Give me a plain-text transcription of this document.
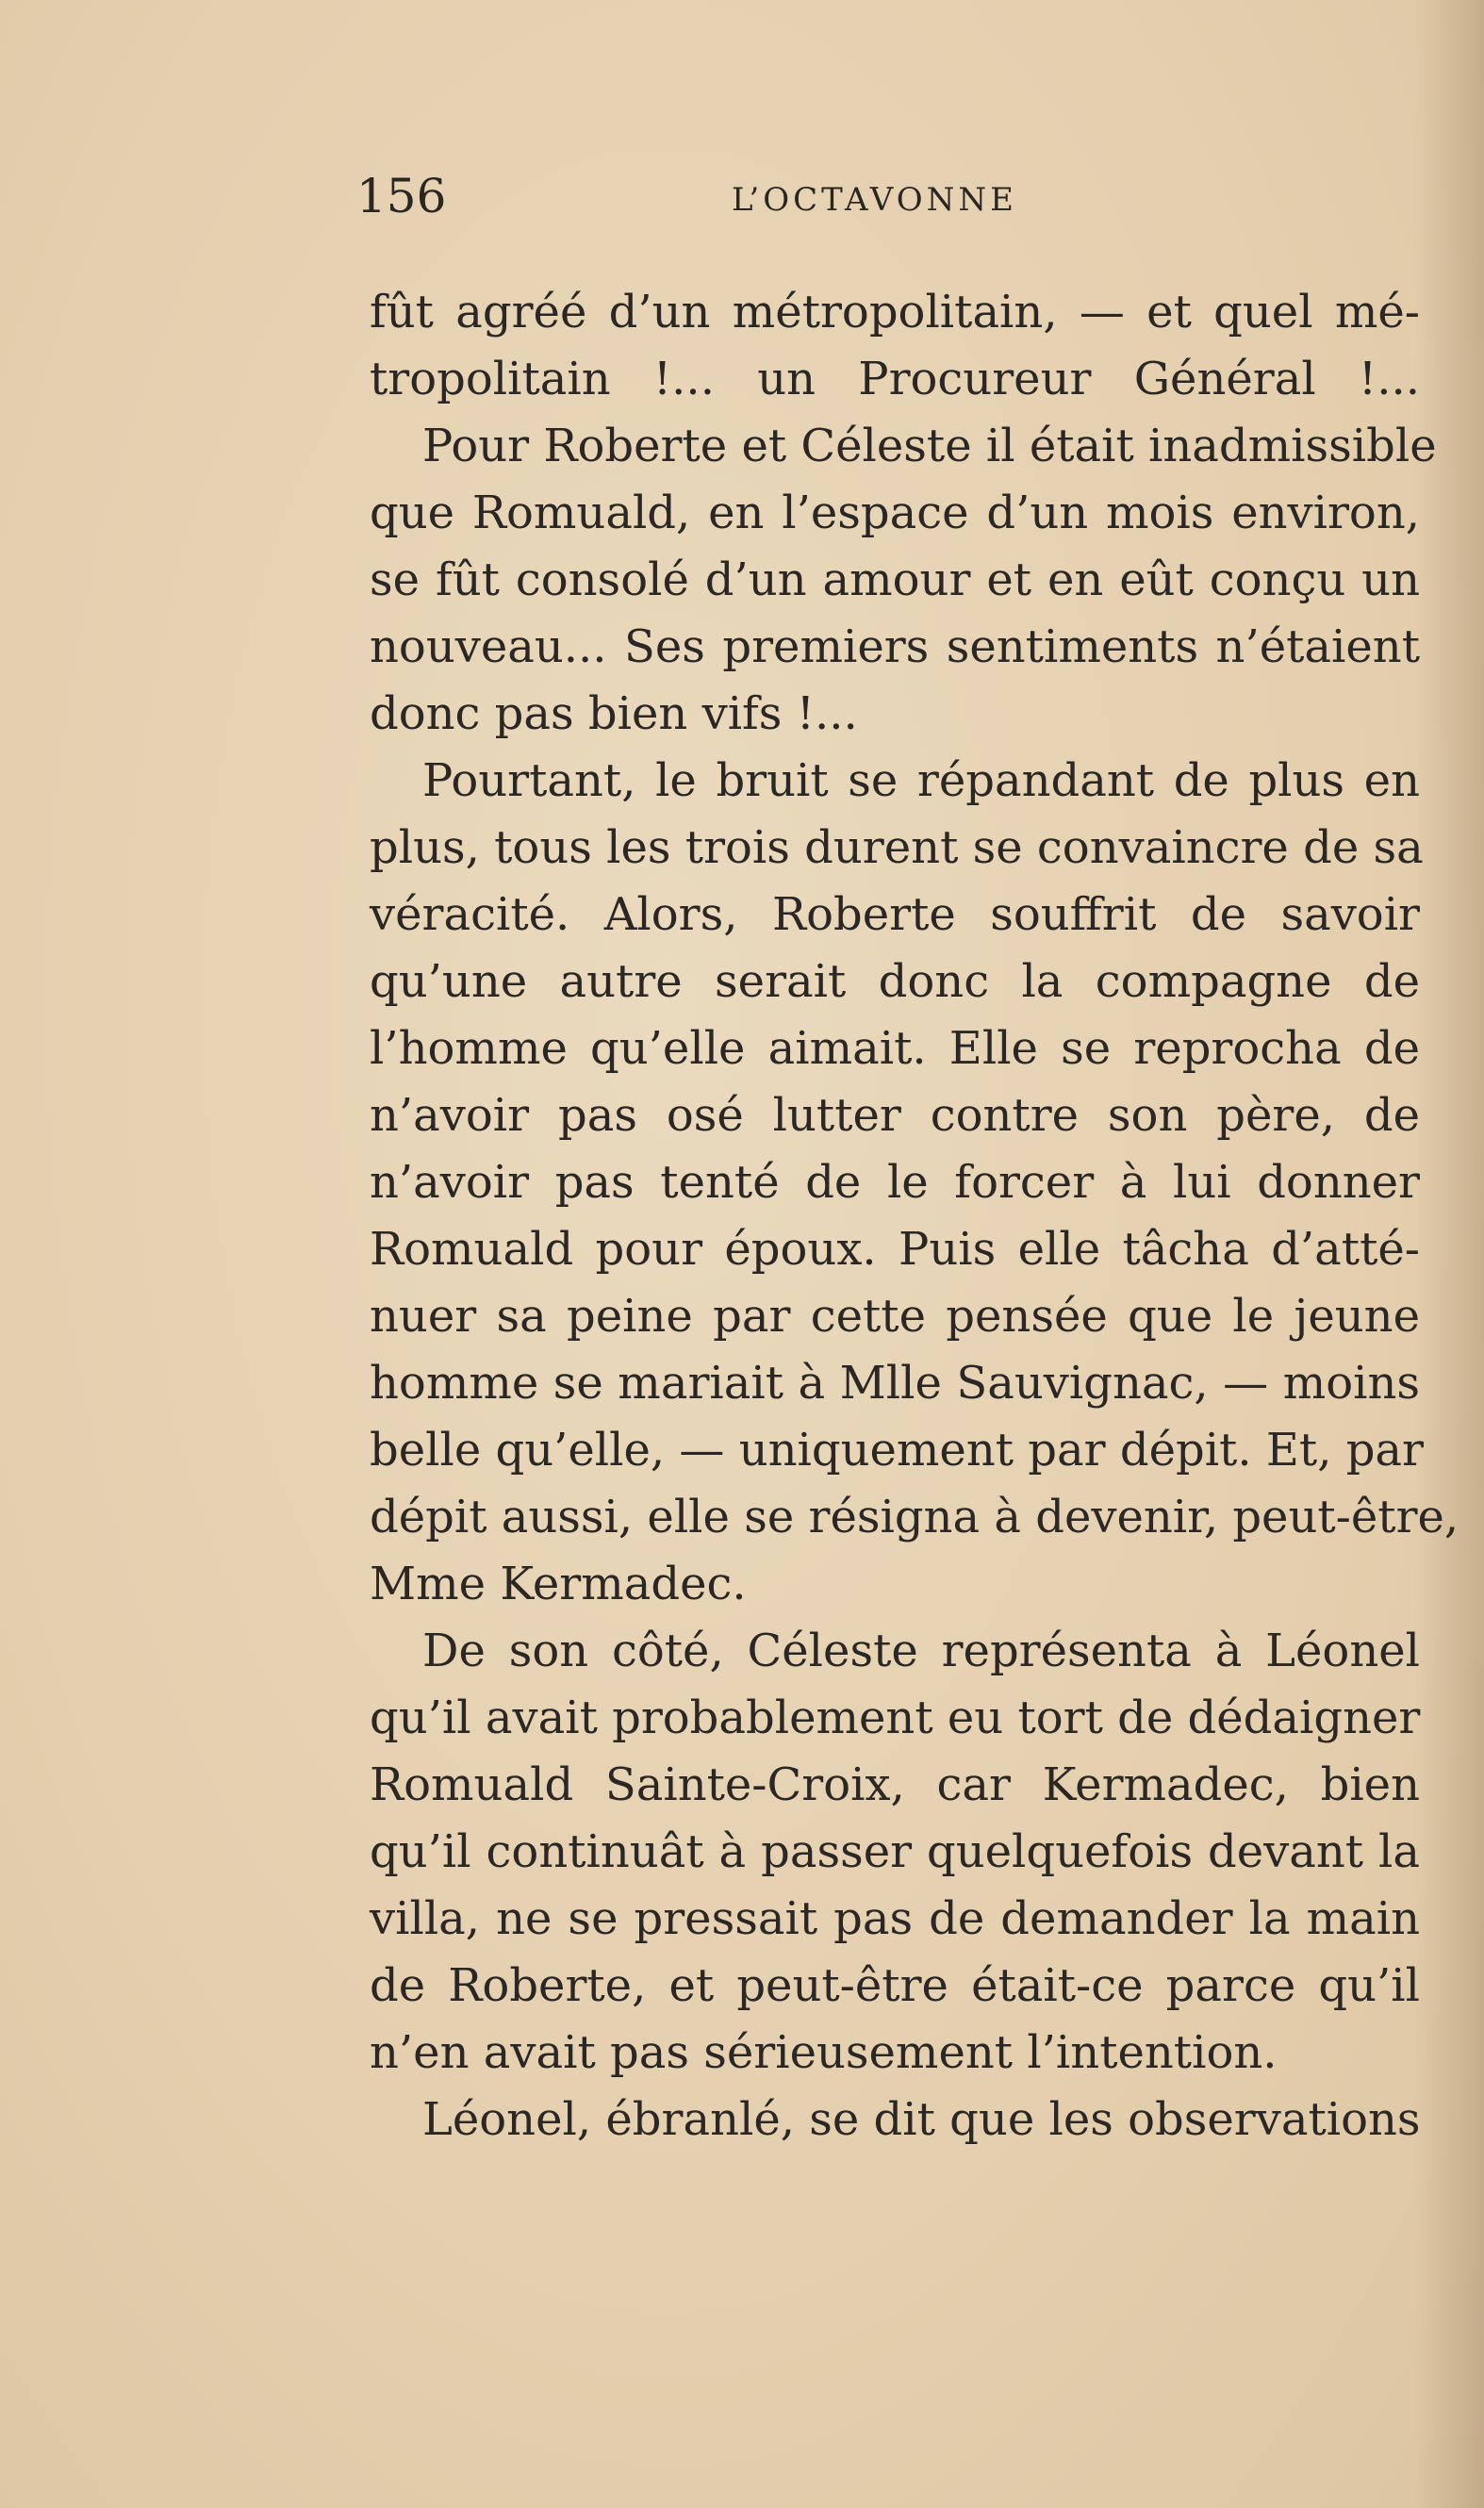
156	L’OCTAVONNE
fût agréé d’un métropolitain, — et quel mé-
tropolitain !... un Procureur Général !...
Pour Roberte et Céleste il était inadmissible
que Romuald, en l’espace d’un mois environ,
se fût consolé d’un amour et en eût conçu un
nouveau... Ses premiers sentiments n’étaient
donc pas bien vifs !...
Pourtant, le bruit se répandant de plus en
plus, tous les trois durent se convaincre de sa
véracité. Alors, Roberte souffrit de savoir
qu’une autre serait donc la compagne de
l’homme qu’elle aimait. Elle se reprocha de
n’avoir pas osé lutter contre son père, de
n’avoir pas tenté de le forcer à lui donner
Romuald pour époux. Puis elle tâcha d’atté-
nuer sa peine par cette pensée que le jeune
homme se mariait à Mlle Sauvignac, — moins
belle qu’elle, — uniquement par dépit. Et, par
dépit aussi, elle se résigna à devenir, peut-être,
Mme Kermadec.
De son côté, Céleste représenta à Léonel
qu’il avait probablement eu tort de dédaigner
Romuald Sainte-Croix, car Kermadec, bien
qu’il continuât à passer quelquefois devant la
villa, ne se pressait pas de demander la main
de Roberte, et peut-être était-ce parce qu’il
n’en avait pas sérieusement l’intention.
Léonel, ébranlé, se dit que les observations
